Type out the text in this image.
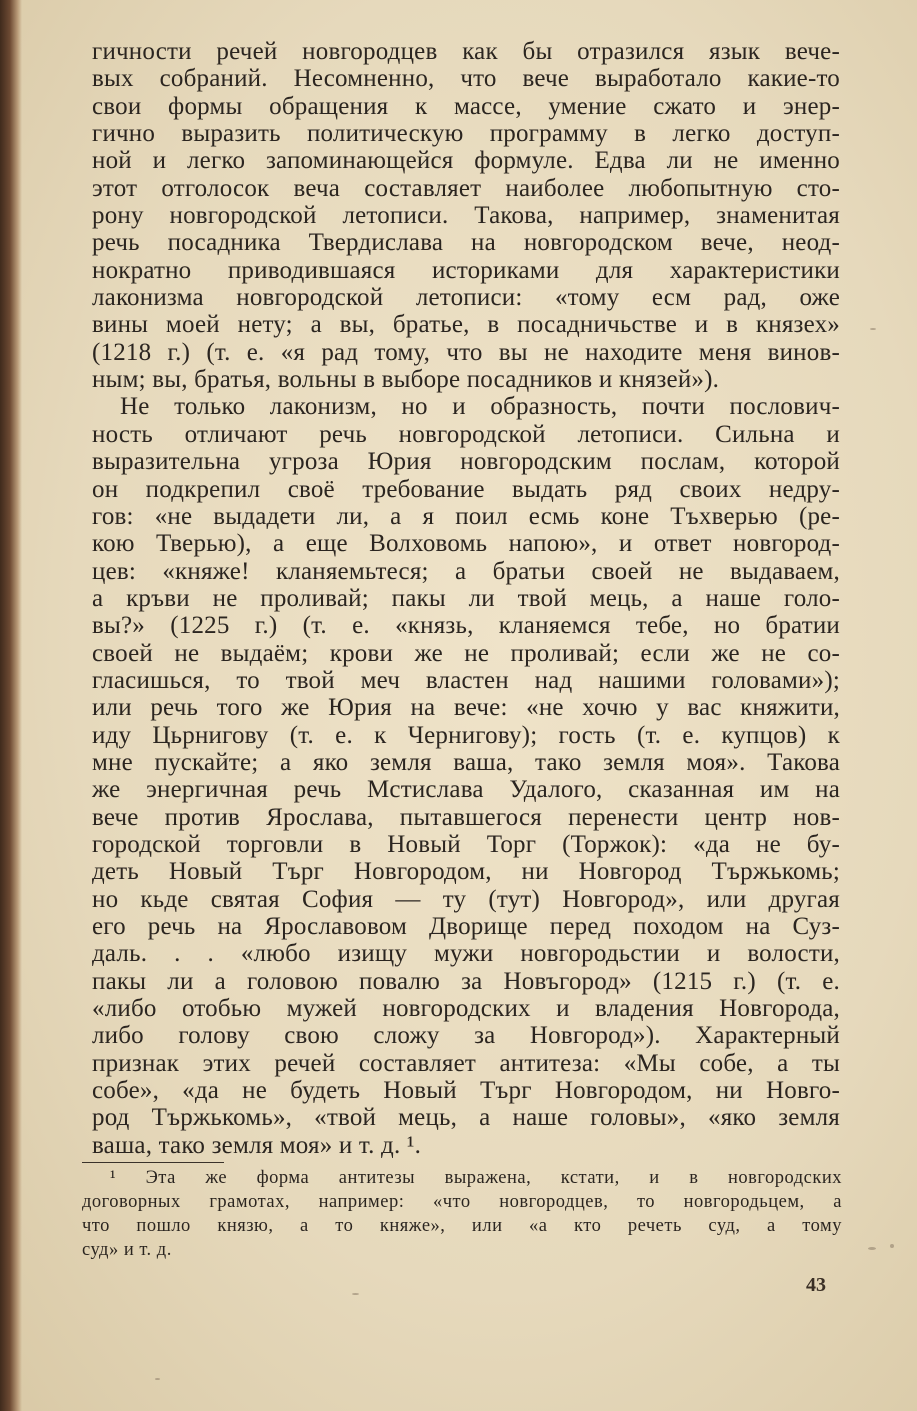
гичности речей новгородцев как бы отразился язык вече-
вых собраний. Несомненно, что вече выработало какие-то
свои формы обращения к массе, умение сжато и энер-
гично выразить политическую программу в легко доступ-
ной и легко запоминающейся формуле. Едва ли не именно
этот отголосок веча составляет наиболее любопытную сто-
рону новгородской летописи. Такова, например, знаменитая
речь посадника Твердислава на новгородском вече, неод-
нократно приводившаяся историками для характеристики
лаконизма новгородской летописи: «тому есм рад, оже
вины моей нету; а вы, братье, в посадничьстве и в князех»
(1218 г.) (т. е. «я рад тому, что вы не находите меня винов-
ным; вы, братья, вольны в выборе посадников и князей»).
Не только лаконизм, но и образность, почти послович-
ность отличают речь новгородской летописи. Сильна и
выразительна угроза Юрия новгородским послам, которой
он подкрепил своё требование выдать ряд своих недру-
гов: «не выдадети ли, а я поил есмь коне Тъхверью (ре-
кою Тверью), а еще Волховомь напою», и ответ новгород-
цев: «княже! кланяемьтеся; а братьи своей не выдаваем,
а кръви не проливай; пакы ли твой мець, а наше голо-
вы?» (1225 г.) (т. е. «князь, кланяемся тебе, но братии
своей не выдаём; крови же не проливай; если же не со-
гласишься, то твой меч властен над нашими головами»);
или речь того же Юрия на вече: «не хочю у вас княжити,
иду Цьрнигову (т. е. к Чернигову); гость (т. е. купцов) к
мне пускайте; а яко земля ваша, тако земля моя». Такова
же энергичная речь Мстислава Удалого, сказанная им на
вече против Ярослава, пытавшегося перенести центр нов-
городской торговли в Новый Торг (Торжок): «да не бу-
деть Новый Търг Новгородом, ни Новгород Тържькомь;
но кьде святая София — ту (тут) Новгород», или другая
его речь на Ярославовом Дворище перед походом на Суз-
даль. . . «любо изищу мужи новгородьстии и волости,
пакы ли а головою повалю за Новъгород» (1215 г.) (т. е.
«либо отобью мужей новгородских и владения Новгорода,
либо голову свою сложу за Новгород»). Характерный
признак этих речей составляет антитеза: «Мы собе, а ты
собе», «да не будеть Новый Търг Новгородом, ни Новго-
род Тържькомь», «твой мець, а наше головы», «яко земля
ваша, тако земля моя» и т. д. ¹.
¹ Эта же форма антитезы выражена, кстати, и в новгородских
договорных грамотах, например: «что новгородцев, то новгородьцем, а
что пошло князю, а то княже», или «а кто речеть суд, а тому
суд» и т. д.
43
